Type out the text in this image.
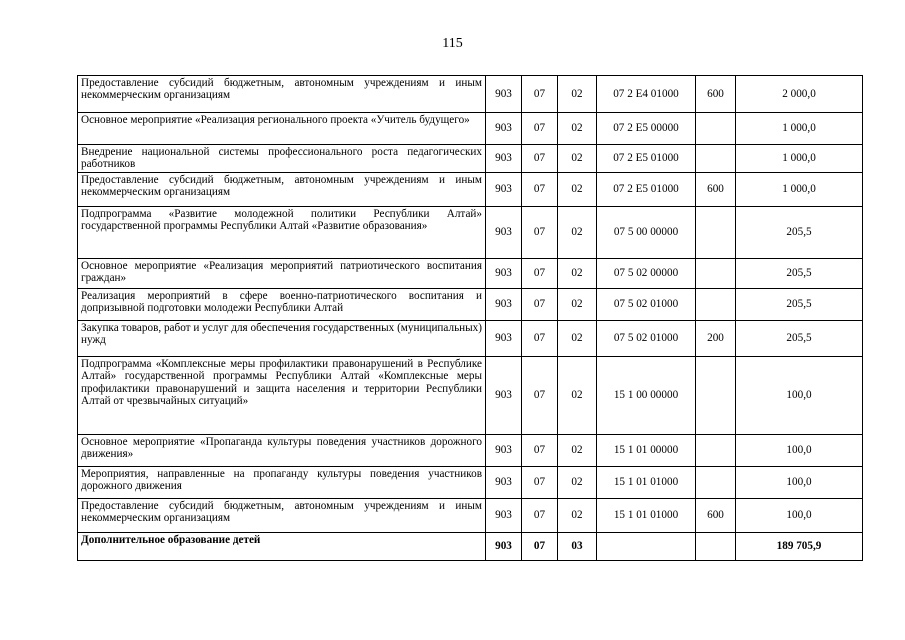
115
Предоставление субсидий бюджетным, автономным учреждениям и иным некоммерческим организациям	903	07	02	07 2 Е4 01000	600	2 000,0
Основное мероприятие «Реализация регионального проекта «Учитель будущего»	903	07	02	07 2 Е5 00000		1 000,0
Внедрение национальной системы профессионального роста педагогических работников	903	07	02	07 2 Е5 01000		1 000,0
Предоставление субсидий бюджетным, автономным учреждениям и иным некоммерческим организациям	903	07	02	07 2 Е5 01000	600	1 000,0
Подпрограмма «Развитие молодежной политики Республики Алтай» государственной программы Республики Алтай «Развитие образования»	903	07	02	07 5 00 00000		205,5
Основное мероприятие «Реализация мероприятий патриотического воспитания граждан»	903	07	02	07 5 02 00000		205,5
Реализация мероприятий в сфере военно-патриотического воспитания и допризывной подготовки молодежи Республики Алтай	903	07	02	07 5 02 01000		205,5
Закупка товаров, работ и услуг для обеспечения государственных (муниципальных) нужд	903	07	02	07 5 02 01000	200	205,5
Подпрограмма «Комплексные меры профилактики правонарушений в Республике Алтай» государственной программы Республики Алтай «Комплексные меры профилактики правонарушений и защита населения и территории Республики Алтай от чрезвычайных ситуаций»	903	07	02	15 1 00 00000		100,0
Основное мероприятие «Пропаганда культуры поведения участников дорожного движения»	903	07	02	15 1 01 00000		100,0
Мероприятия, направленные на пропаганду культуры поведения участников дорожного движения	903	07	02	15 1 01 01000		100,0
Предоставление субсидий бюджетным, автономным учреждениям и иным некоммерческим организациям	903	07	02	15 1 01 01000	600	100,0
Дополнительное образование детей	903	07	03			189 705,9
